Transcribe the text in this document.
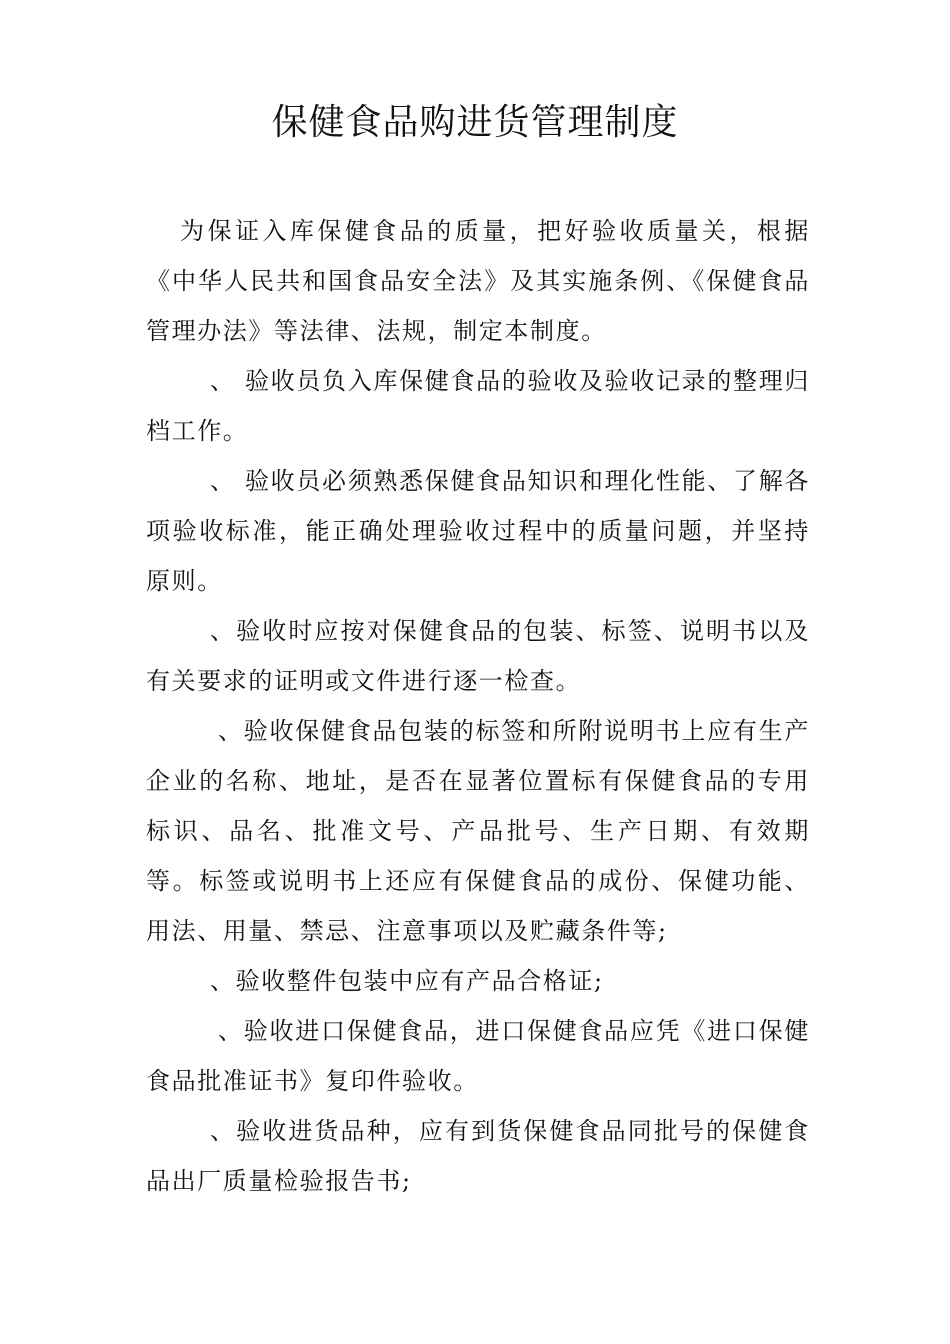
保健食品购进货管理制度

为保证入库保健食品的质量，把好验收质量关，根据《中华人民共和国食品安全法》及其实施条例、《保健食品管理办法》等法律、法规，制定本制度。

、 验收员负入库保健食品的验收及验收记录的整理归档工作。

、 验收员必须熟悉保健食品知识和理化性能、了解各项验收标准，能正确处理验收过程中的质量问题，并坚持原则。

、验收时应按对保健食品的包装、标签、说明书以及有关要求的证明或文件进行逐一检查。

、验收保健食品包装的标签和所附说明书上应有生产企业的名称、地址，是否在显著位置标有保健食品的专用标识、品名、批准文号、产品批号、生产日期、有效期等。标签或说明书上还应有保健食品的成份、保健功能、用法、用量、禁忌、注意事项以及贮藏条件等;

、验收整件包装中应有产品合格证;

、验收进口保健食品，进口保健食品应凭《进口保健食品批准证书》复印件验收。

、验收进货品种，应有到货保健食品同批号的保健食品出厂质量检验报告书;
